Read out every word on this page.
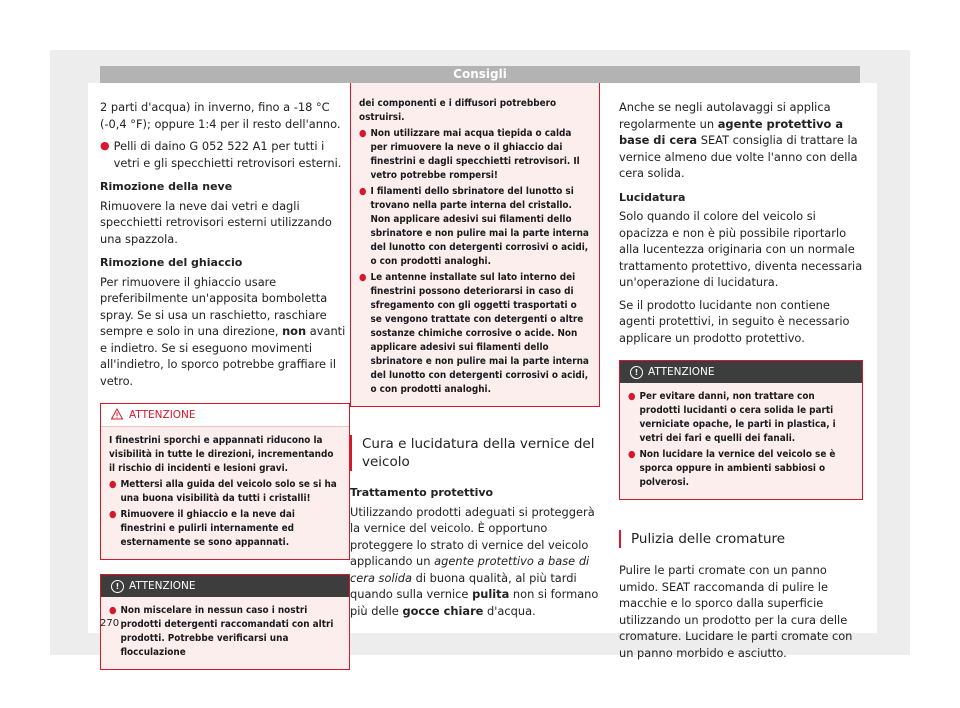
Consigli

2 parti d'acqua) in inverno, fino a -18 °C (-0,4 °F); oppure 1:4 per il resto dell'anno.

● Pelli di daino G 052 522 A1 per tutti i vetri e gli specchietti retrovisori esterni.

Rimozione della neve

Rimuovere la neve dai vetri e dagli specchietti retrovisori esterni utilizzando una spazzola.

Rimozione del ghiaccio

Per rimuovere il ghiaccio usare preferibilmente un'apposita bomboletta spray. Se si usa un raschietto, raschiare sempre e solo in una direzione, non avanti e indietro. Se si eseguono movimenti all'indietro, lo sporco potrebbe graffiare il vetro.

ATTENZIONE
I finestrini sporchi e appannati riducono la visibilità in tutte le direzioni, incrementando il rischio di incidenti e lesioni gravi.
● Mettersi alla guida del veicolo solo se si ha una buona visibilità da tutti i cristalli!
● Rimuovere il ghiaccio e la neve dai finestrini e pulirli internamente ed esternamente se sono appannati.
! ATTENZIONE
● Non miscelare in nessun caso i nostri prodotti detergenti raccomandati con altri prodotti. Potrebbe verificarsi una flocculazione
dei componenti e i diffusori potrebbero ostruirsi.
● Non utilizzare mai acqua tiepida o calda per rimuovere la neve o il ghiaccio dai finestrini e dagli specchietti retrovisori. Il vetro potrebbe rompersi!
● I filamenti dello sbrinatore del lunotto si trovano nella parte interna del cristallo. Non applicare adesivi sui filamenti dello sbrinatore e non pulire mai la parte interna del lunotto con detergenti corrosivi o acidi, o con prodotti analoghi.
● Le antenne installate sul lato interno dei finestrini possono deteriorarsi in caso di sfregamento con gli oggetti trasportati o se vengono trattate con detergenti o altre sostanze chimiche corrosive o acide. Non applicare adesivi sui filamenti dello sbrinatore e non pulire mai la parte interna del lunotto con detergenti corrosivi o acidi, o con prodotti analoghi.
Cura e lucidatura della vernice del veicolo

Trattamento protettivo

Utilizzando prodotti adeguati si proteggerà la vernice del veicolo. È opportuno proteggere lo strato di vernice del veicolo applicando un agente protettivo a base di cera solida di buona qualità, al più tardi quando sulla vernice pulita non si formano più delle gocce chiare d'acqua.

Anche se negli autolavaggi si applica regolarmente un agente protettivo a base di cera SEAT consiglia di trattare la vernice almeno due volte l'anno con della cera solida.

Lucidatura

Solo quando il colore del veicolo si opacizza e non è più possibile riportarlo alla lucentezza originaria con un normale trattamento protettivo, diventa necessaria un'operazione di lucidatura.

Se il prodotto lucidante non contiene agenti protettivi, in seguito è necessario applicare un prodotto protettivo.

! ATTENZIONE
● Per evitare danni, non trattare con prodotti lucidanti o cera solida le parti verniciate opache, le parti in plastica, i vetri dei fari e quelli dei fanali.
● Non lucidare la vernice del veicolo se è sporca oppure in ambienti sabbiosi o polverosi.
Pulizia delle cromature

Pulire le parti cromate con un panno umido. SEAT raccomanda di pulire le macchie e lo sporco dalla superficie utilizzando un prodotto per la cura delle cromature. Lucidare le parti cromate con un panno morbido e asciutto.

270
